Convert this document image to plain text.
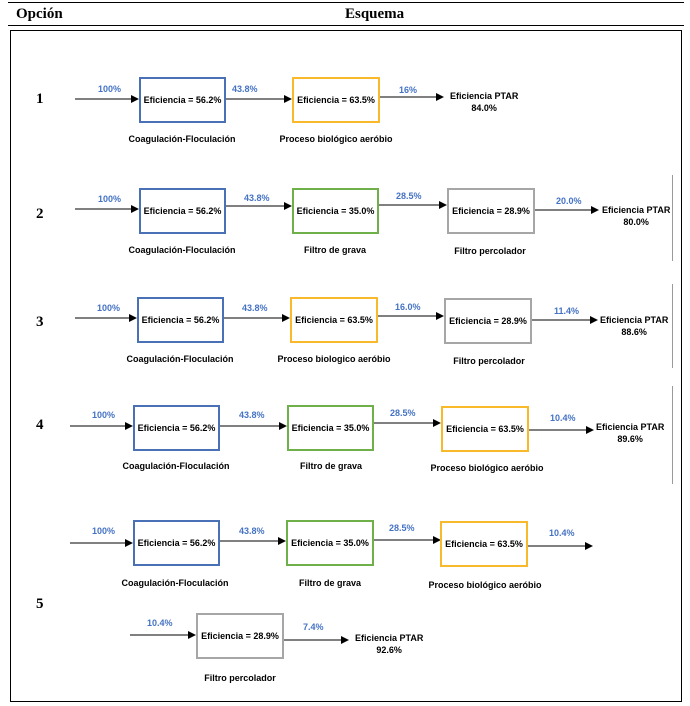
Opción	Esquema
1
100%
Eficiencia = 56.2%
Coagulación-Floculación
43.8%
Eficiencia = 63.5%
Proceso biológico aeróbio
16%
Eficiencia PTAR
84.0%
2
100%
Eficiencia = 56.2%
Coagulación-Floculación
43.8%
Eficiencia = 35.0%
Filtro de grava
28.5%
Eficiencia = 28.9%
Filtro percolador
20.0%
Eficiencia PTAR
80.0%
3
100%
Eficiencia = 56.2%
Coagulación-Floculación
43.8%
Eficiencia = 63.5%
Proceso biologico aeróbio
16.0%
Eficiencia = 28.9%
Filtro percolador
11.4%
Eficiencia PTAR
88.6%
4
100%
Eficiencia = 56.2%
Coagulación-Floculación
43.8%
Eficiencia = 35.0%
Filtro de grava
28.5%
Eficiencia = 63.5%
Proceso biológico aeróbio
10.4%
Eficiencia PTAR
89.6%
5
100%
Eficiencia = 56.2%
Coagulación-Floculación
43.8%
Eficiencia = 35.0%
Filtro de grava
28.5%
Eficiencia = 63.5%
Proceso biológico aeróbio
10.4%
10.4%
Eficiencia = 28.9%
Filtro percolador
7.4%
Eficiencia PTAR
92.6%
